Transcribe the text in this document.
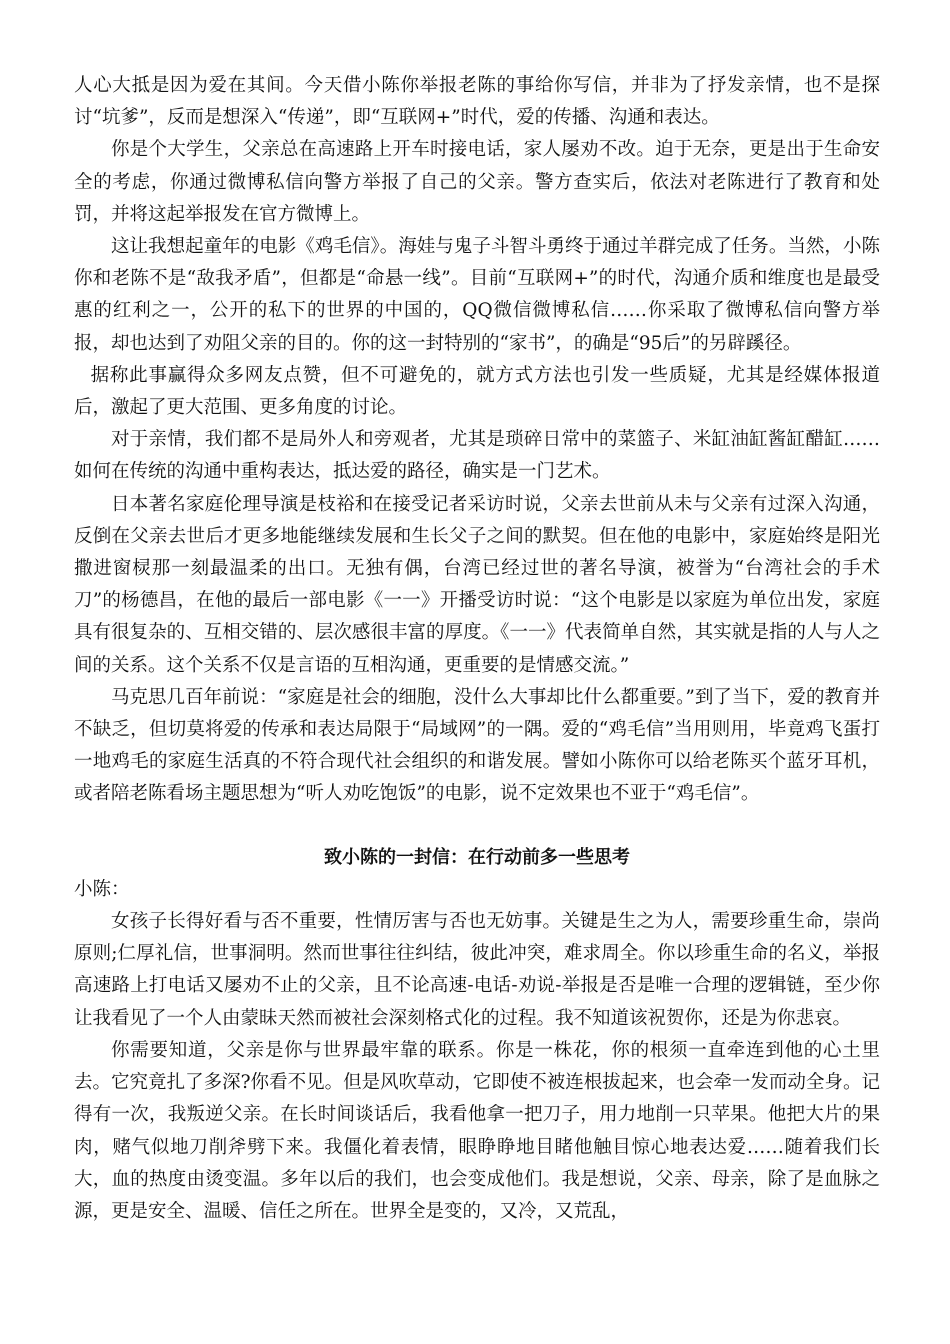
人心大抵是因为爱在其间。今天借小陈你举报老陈的事给你写信，并非为了抒发亲情，也不是探讨“坑爹”，反而是想深入“传递”，即“互联网+”时代，爱的传播、沟通和表达。

你是个大学生，父亲总在高速路上开车时接电话，家人屡劝不改。迫于无奈，更是出于生命安全的考虑，你通过微博私信向警方举报了自己的父亲。警方查实后，依法对老陈进行了教育和处罚，并将这起举报发在官方微博上。

这让我想起童年的电影《鸡毛信》。海娃与鬼子斗智斗勇终于通过羊群完成了任务。当然，小陈你和老陈不是“敌我矛盾”，但都是“命悬一线”。目前“互联网+”的时代，沟通介质和维度也是最受惠的红利之一，公开的私下的世界的中国的，QQ微信微博私信……你采取了微博私信向警方举报，却也达到了劝阻父亲的目的。你的这一封特别的“家书”，的确是“95后”的另辟蹊径。

据称此事赢得众多网友点赞，但不可避免的，就方式方法也引发一些质疑，尤其是经媒体报道后，激起了更大范围、更多角度的讨论。

对于亲情，我们都不是局外人和旁观者，尤其是琐碎日常中的菜篮子、米缸油缸酱缸醋缸……如何在传统的沟通中重构表达，抵达爱的路径，确实是一门艺术。

日本著名家庭伦理导演是枝裕和在接受记者采访时说，父亲去世前从未与父亲有过深入沟通，反倒在父亲去世后才更多地能继续发展和生长父子之间的默契。但在他的电影中，家庭始终是阳光撒进窗棂那一刻最温柔的出口。无独有偶，台湾已经过世的著名导演，被誉为“台湾社会的手术刀”的杨德昌，在他的最后一部电影《一一》开播受访时说：“这个电影是以家庭为单位出发，家庭具有很复杂的、互相交错的、层次感很丰富的厚度。《一一》代表简单自然，其实就是指的人与人之间的关系。这个关系不仅是言语的互相沟通，更重要的是情感交流。”

马克思几百年前说：“家庭是社会的细胞，没什么大事却比什么都重要。”到了当下，爱的教育并不缺乏，但切莫将爱的传承和表达局限于“局域网”的一隅。爱的“鸡毛信”当用则用，毕竟鸡飞蛋打一地鸡毛的家庭生活真的不符合现代社会组织的和谐发展。譬如小陈你可以给老陈买个蓝牙耳机，或者陪老陈看场主题思想为“听人劝吃饱饭”的电影，说不定效果也不亚于“鸡毛信”。

致小陈的一封信：在行动前多一些思考

小陈：

女孩子长得好看与否不重要，性情厉害与否也无妨事。关键是生之为人，需要珍重生命，崇尚原则;仁厚礼信，世事洞明。然而世事往往纠结，彼此冲突，难求周全。你以珍重生命的名义，举报高速路上打电话又屡劝不止的父亲，且不论高速-电话-劝说-举报是否是唯一合理的逻辑链，至少你让我看见了一个人由蒙昧天然而被社会深刻格式化的过程。我不知道该祝贺你，还是为你悲哀。

你需要知道，父亲是你与世界最牢靠的联系。你是一株花，你的根须一直牵连到他的心土里去。它究竟扎了多深?你看不见。但是风吹草动，它即使不被连根拔起来，也会牵一发而动全身。记得有一次，我叛逆父亲。在长时间谈话后，我看他拿一把刀子，用力地削一只苹果。他把大片的果肉，赌气似地刀削斧劈下来。我僵化着表情，眼睁睁地目睹他触目惊心地表达爱……随着我们长大，血的热度由烫变温。多年以后的我们，也会变成他们。我是想说，父亲、母亲，除了是血脉之源，更是安全、温暖、信任之所在。世界全是变的，又冷，又荒乱，
